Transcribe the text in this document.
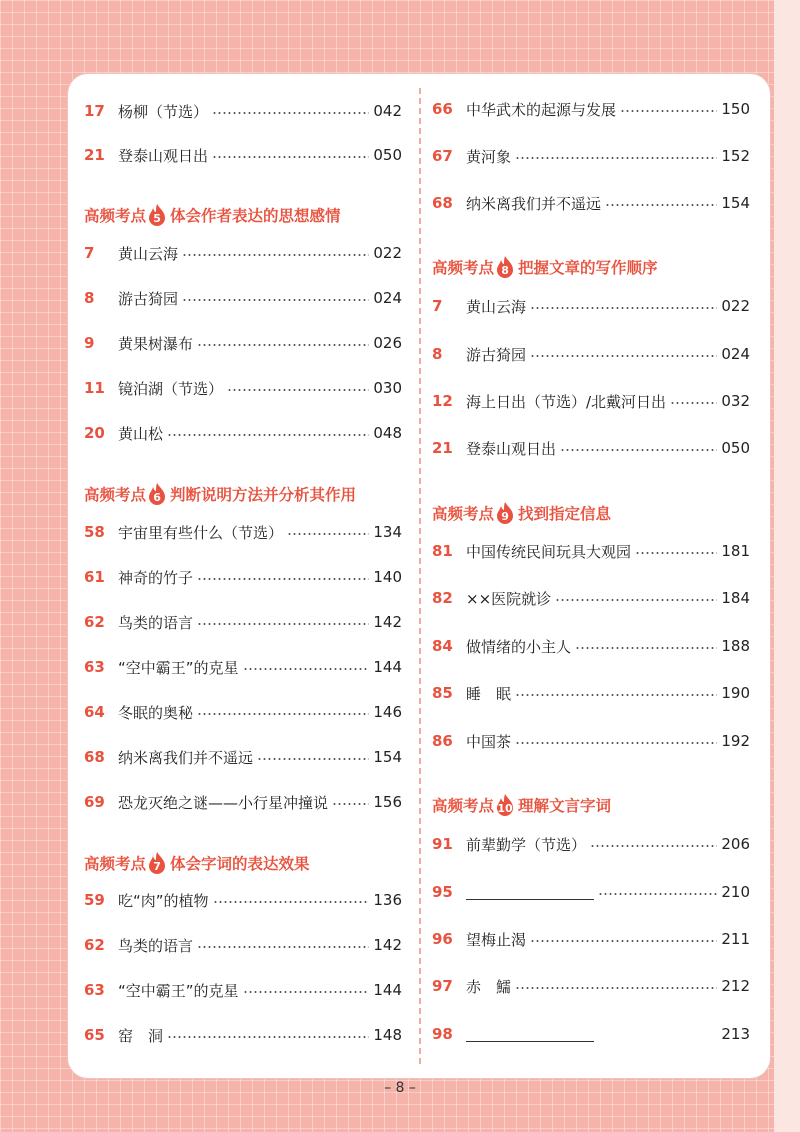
17 杨柳（节选）	042
21 登泰山观日出	050
高频考点 5 体会作者表达的思想感情
7	黄山云海	022
8	游古猗园	024
9	黄果树瀑布	026
11 镜泊湖（节选）	030
20 黄山松	048
高频考点 6 判断说明方法并分析其作用
58 宇宙里有些什么（节选）	134
61 神奇的竹子	140
62 鸟类的语言	142
63 “空中霸王”的克星	144
64 冬眠的奥秘	146
68 纳米离我们并不遥远	154
69 恐龙灭绝之谜——小行星冲撞说	156
高频考点 7 体会字词的表达效果
59 吃“肉”的植物	136
62 鸟类的语言	142
63 “空中霸王”的克星	144
65 窑　洞	148
66 中华武术的起源与发展	150
67 黄河象	152
68 纳米离我们并不遥远	154
高频考点 8 把握文章的写作顺序
7	黄山云海	022
8	游古猗园	024
12 海上日出（节选）/北戴河日出	032
21 登泰山观日出	050
高频考点 9 找到指定信息
81 中国传统民间玩具大观园	181
82 ××医院就诊	184
84 做情绪的小主人	188
85 睡　眠	190
86 中国茶	192
高频考点 10 理解文言字词
91 前辈勤学（节选）	206
95	210
96 望梅止渴	211
97 赤　鱬	212
98	213
– 8 –
